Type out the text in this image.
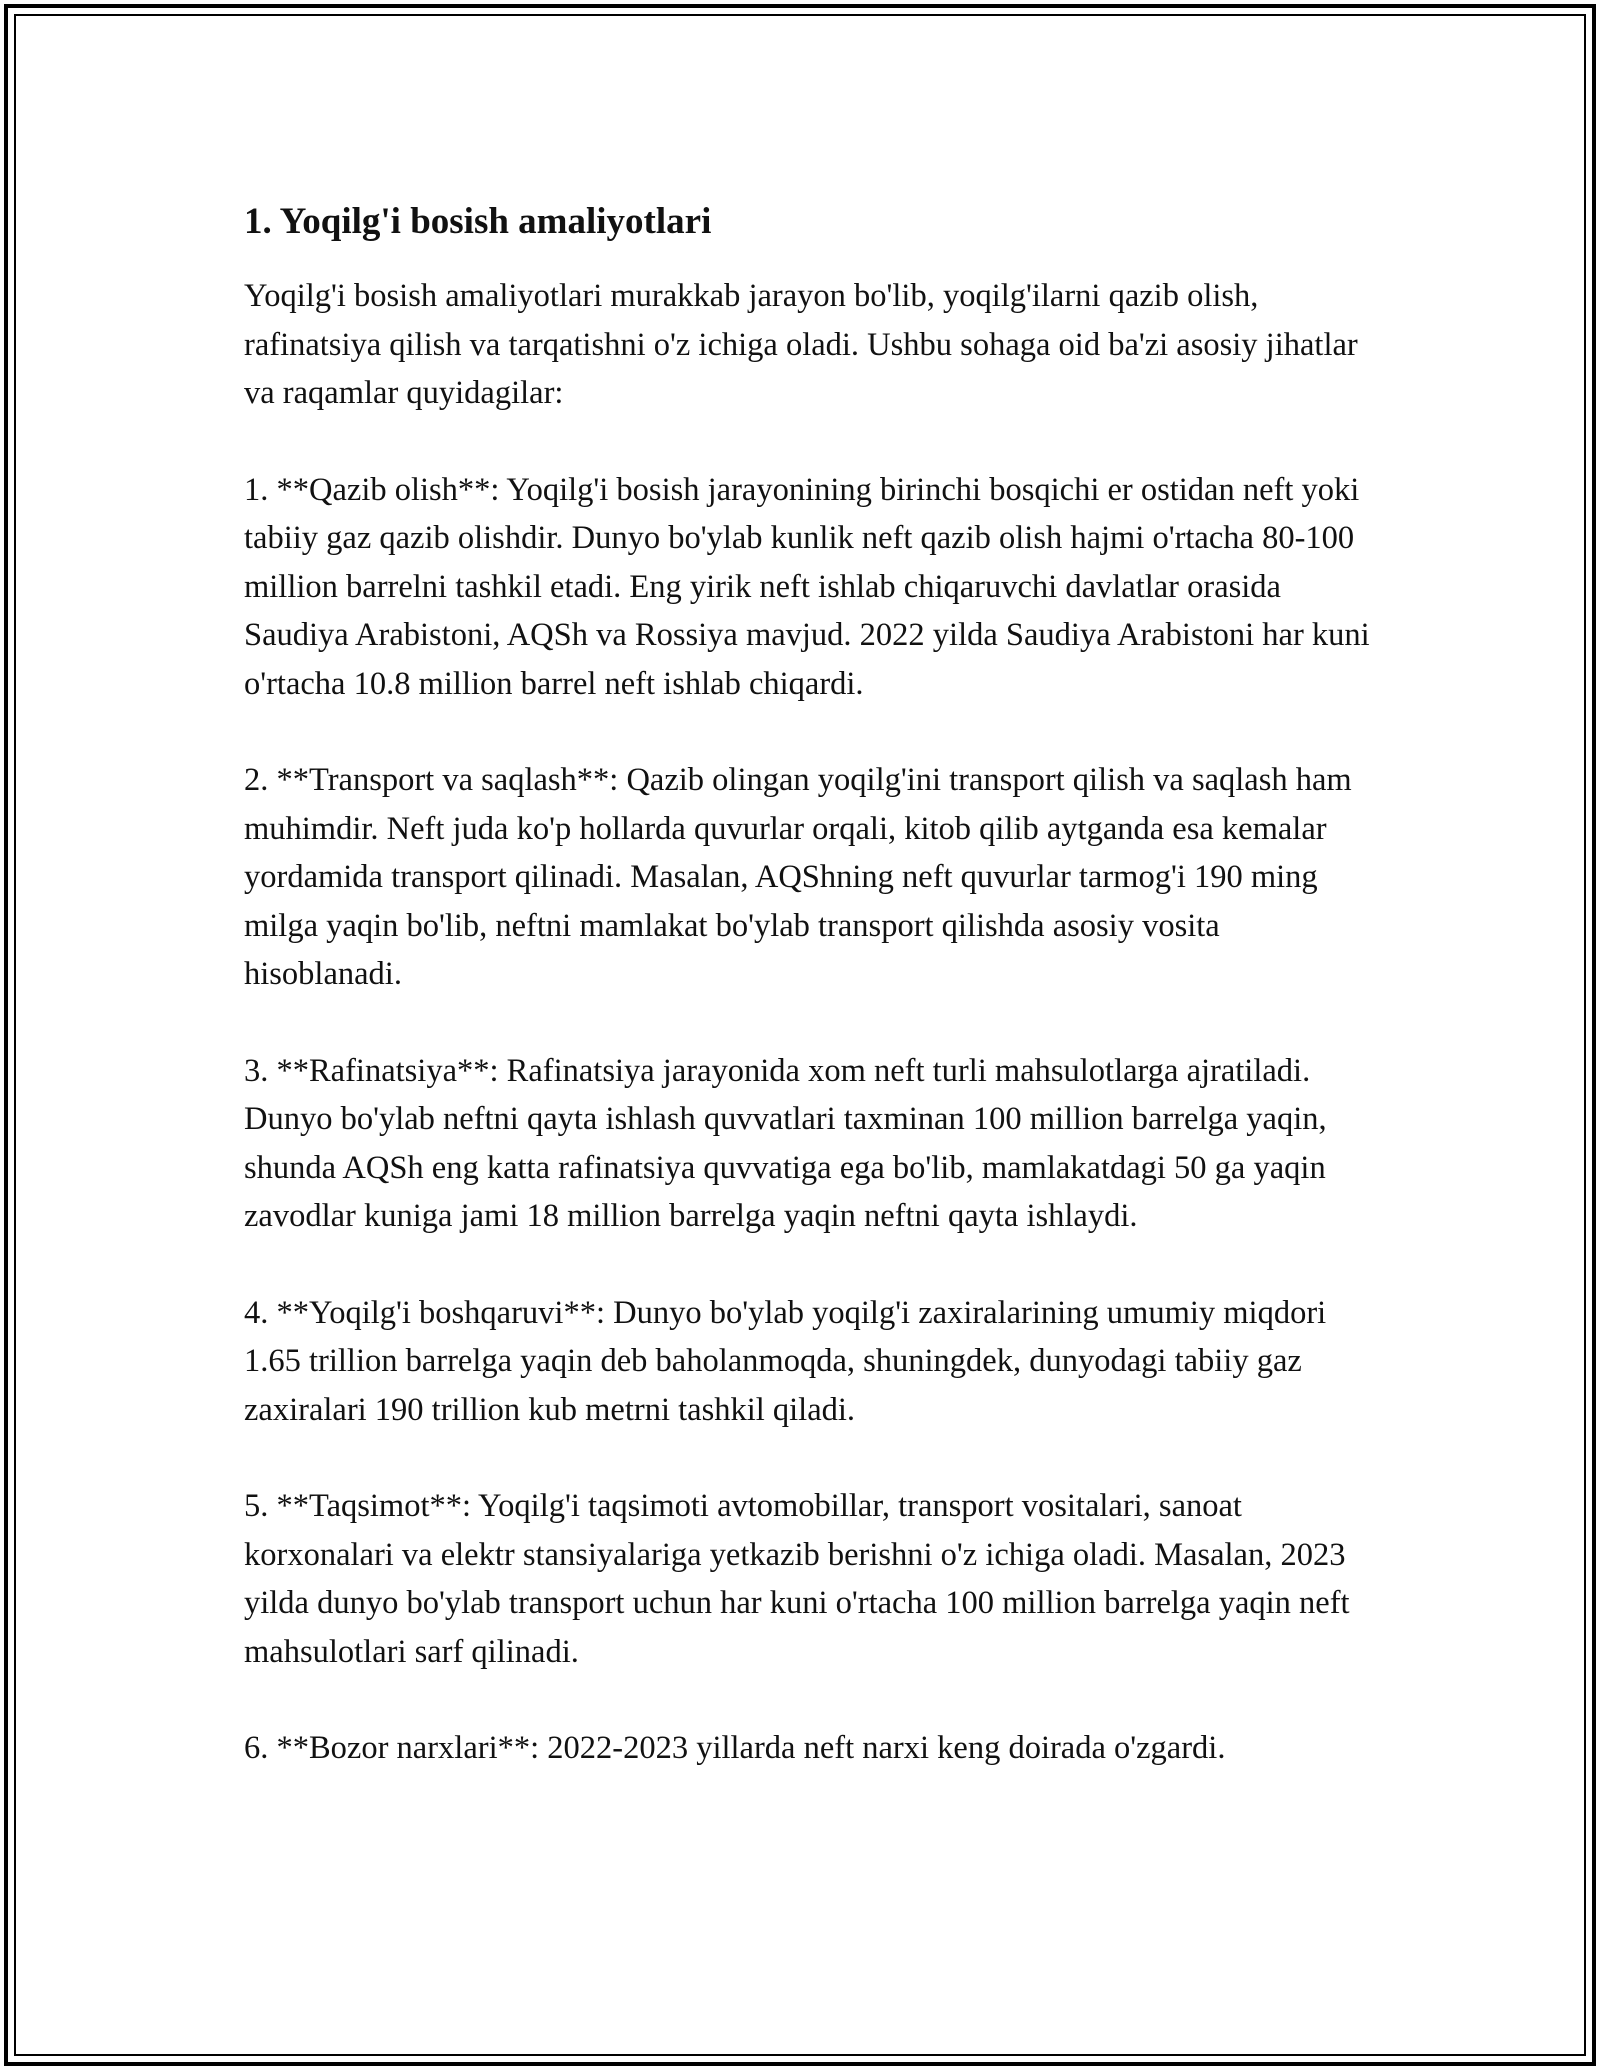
1. Yoqilg'i bosish amaliyotlari

Yoqilg'i bosish amaliyotlari murakkab jarayon bo'lib, yoqilg'ilarni qazib olish, rafinatsiya qilish va tarqatishni o'z ichiga oladi. Ushbu sohaga oid ba'zi asosiy jihatlar va raqamlar quyidagilar:

1. **Qazib olish**: Yoqilg'i bosish jarayonining birinchi bosqichi er ostidan neft yoki tabiiy gaz qazib olishdir. Dunyo bo'ylab kunlik neft qazib olish hajmi o'rtacha 80-100 million barrelni tashkil etadi. Eng yirik neft ishlab chiqaruvchi davlatlar orasida Saudiya Arabistoni, AQSh va Rossiya mavjud. 2022 yilda Saudiya Arabistoni har kuni o'rtacha 10.8 million barrel neft ishlab chiqardi.

2. **Transport va saqlash**: Qazib olingan yoqilg'ini transport qilish va saqlash ham muhimdir. Neft juda ko'p hollarda quvurlar orqali, kitob qilib aytganda esa kemalar yordamida transport qilinadi. Masalan, AQShning neft quvurlar tarmog'i 190 ming milga yaqin bo'lib, neftni mamlakat bo'ylab transport qilishda asosiy vosita hisoblanadi.

3. **Rafinatsiya**: Rafinatsiya jarayonida xom neft turli mahsulotlarga ajratiladi. Dunyo bo'ylab neftni qayta ishlash quvvatlari taxminan 100 million barrelga yaqin, shunda AQSh eng katta rafinatsiya quvvatiga ega bo'lib, mamlakatdagi 50 ga yaqin zavodlar kuniga jami 18 million barrelga yaqin neftni qayta ishlaydi.

4. **Yoqilg'i boshqaruvi**: Dunyo bo'ylab yoqilg'i zaxiralarining umumiy miqdori 1.65 trillion barrelga yaqin deb baholanmoqda, shuningdek, dunyodagi tabiiy gaz zaxiralari 190 trillion kub metrni tashkil qiladi.

5. **Taqsimot**: Yoqilg'i taqsimoti avtomobillar, transport vositalari, sanoat korxonalari va elektr stansiyalariga yetkazib berishni o'z ichiga oladi. Masalan, 2023 yilda dunyo bo'ylab transport uchun har kuni o'rtacha 100 million barrelga yaqin neft mahsulotlari sarf qilinadi.

6. **Bozor narxlari**: 2022-2023 yillarda neft narxi keng doirada o'zgardi.
